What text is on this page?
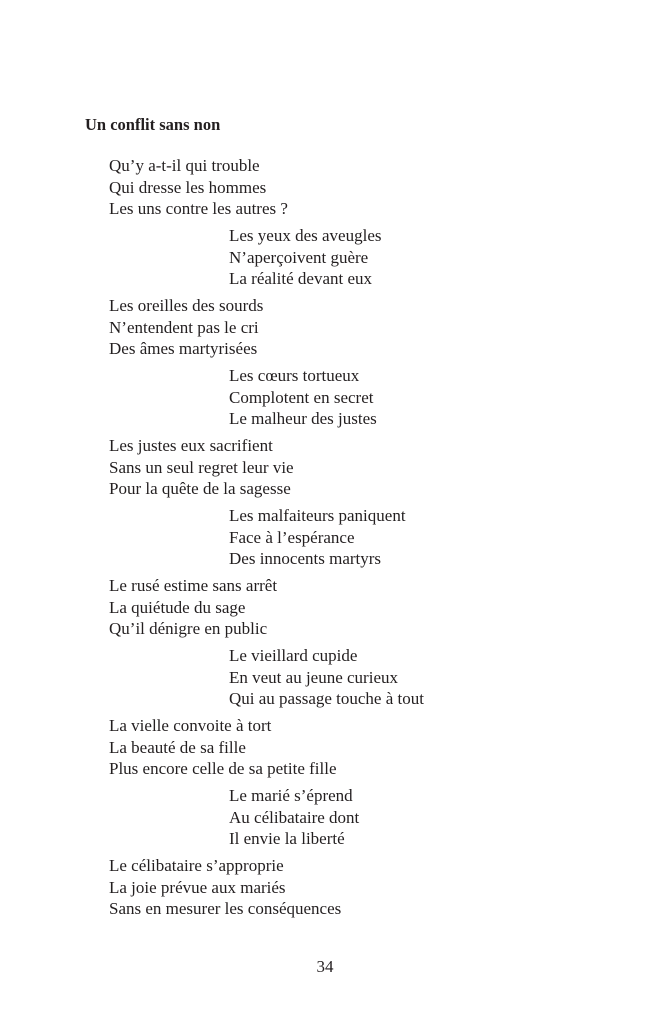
Un conflit sans non
Qu’y a-t-il qui trouble
Qui dresse les hommes
Les uns contre les autres ?
Les yeux des aveugles
N’aperçoivent guère
La réalité devant eux
Les oreilles des sourds
N’entendent pas le cri
Des âmes martyrisées
Les cœurs tortueux
Complotent en secret
Le malheur des justes
Les justes eux sacrifient
Sans un seul regret leur vie
Pour la quête de la sagesse
Les malfaiteurs paniquent
Face à l’espérance
Des innocents martyrs
Le rusé estime sans arrêt
La quiétude du sage
Qu’il dénigre en public
Le vieillard cupide
En veut au jeune curieux
Qui au passage touche à tout
La vielle convoite à tort
La beauté de sa fille
Plus encore celle de sa petite fille
Le marié s’éprend
Au célibataire dont
Il envie la liberté
Le célibataire s’approprie
La joie prévue aux mariés
Sans en mesurer les conséquences
34
